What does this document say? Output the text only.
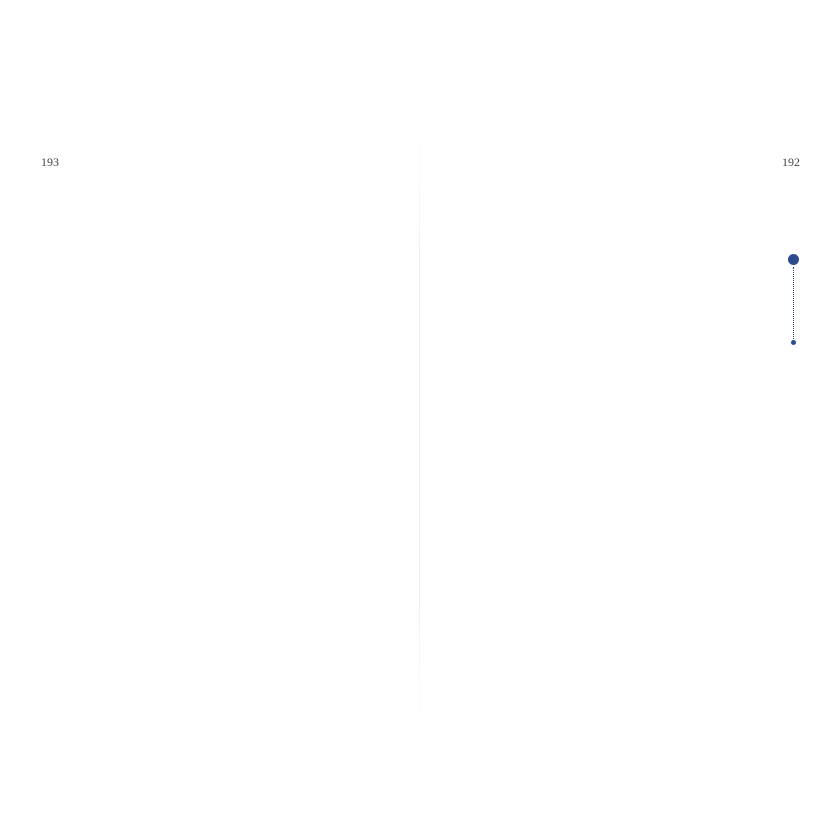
193	192
